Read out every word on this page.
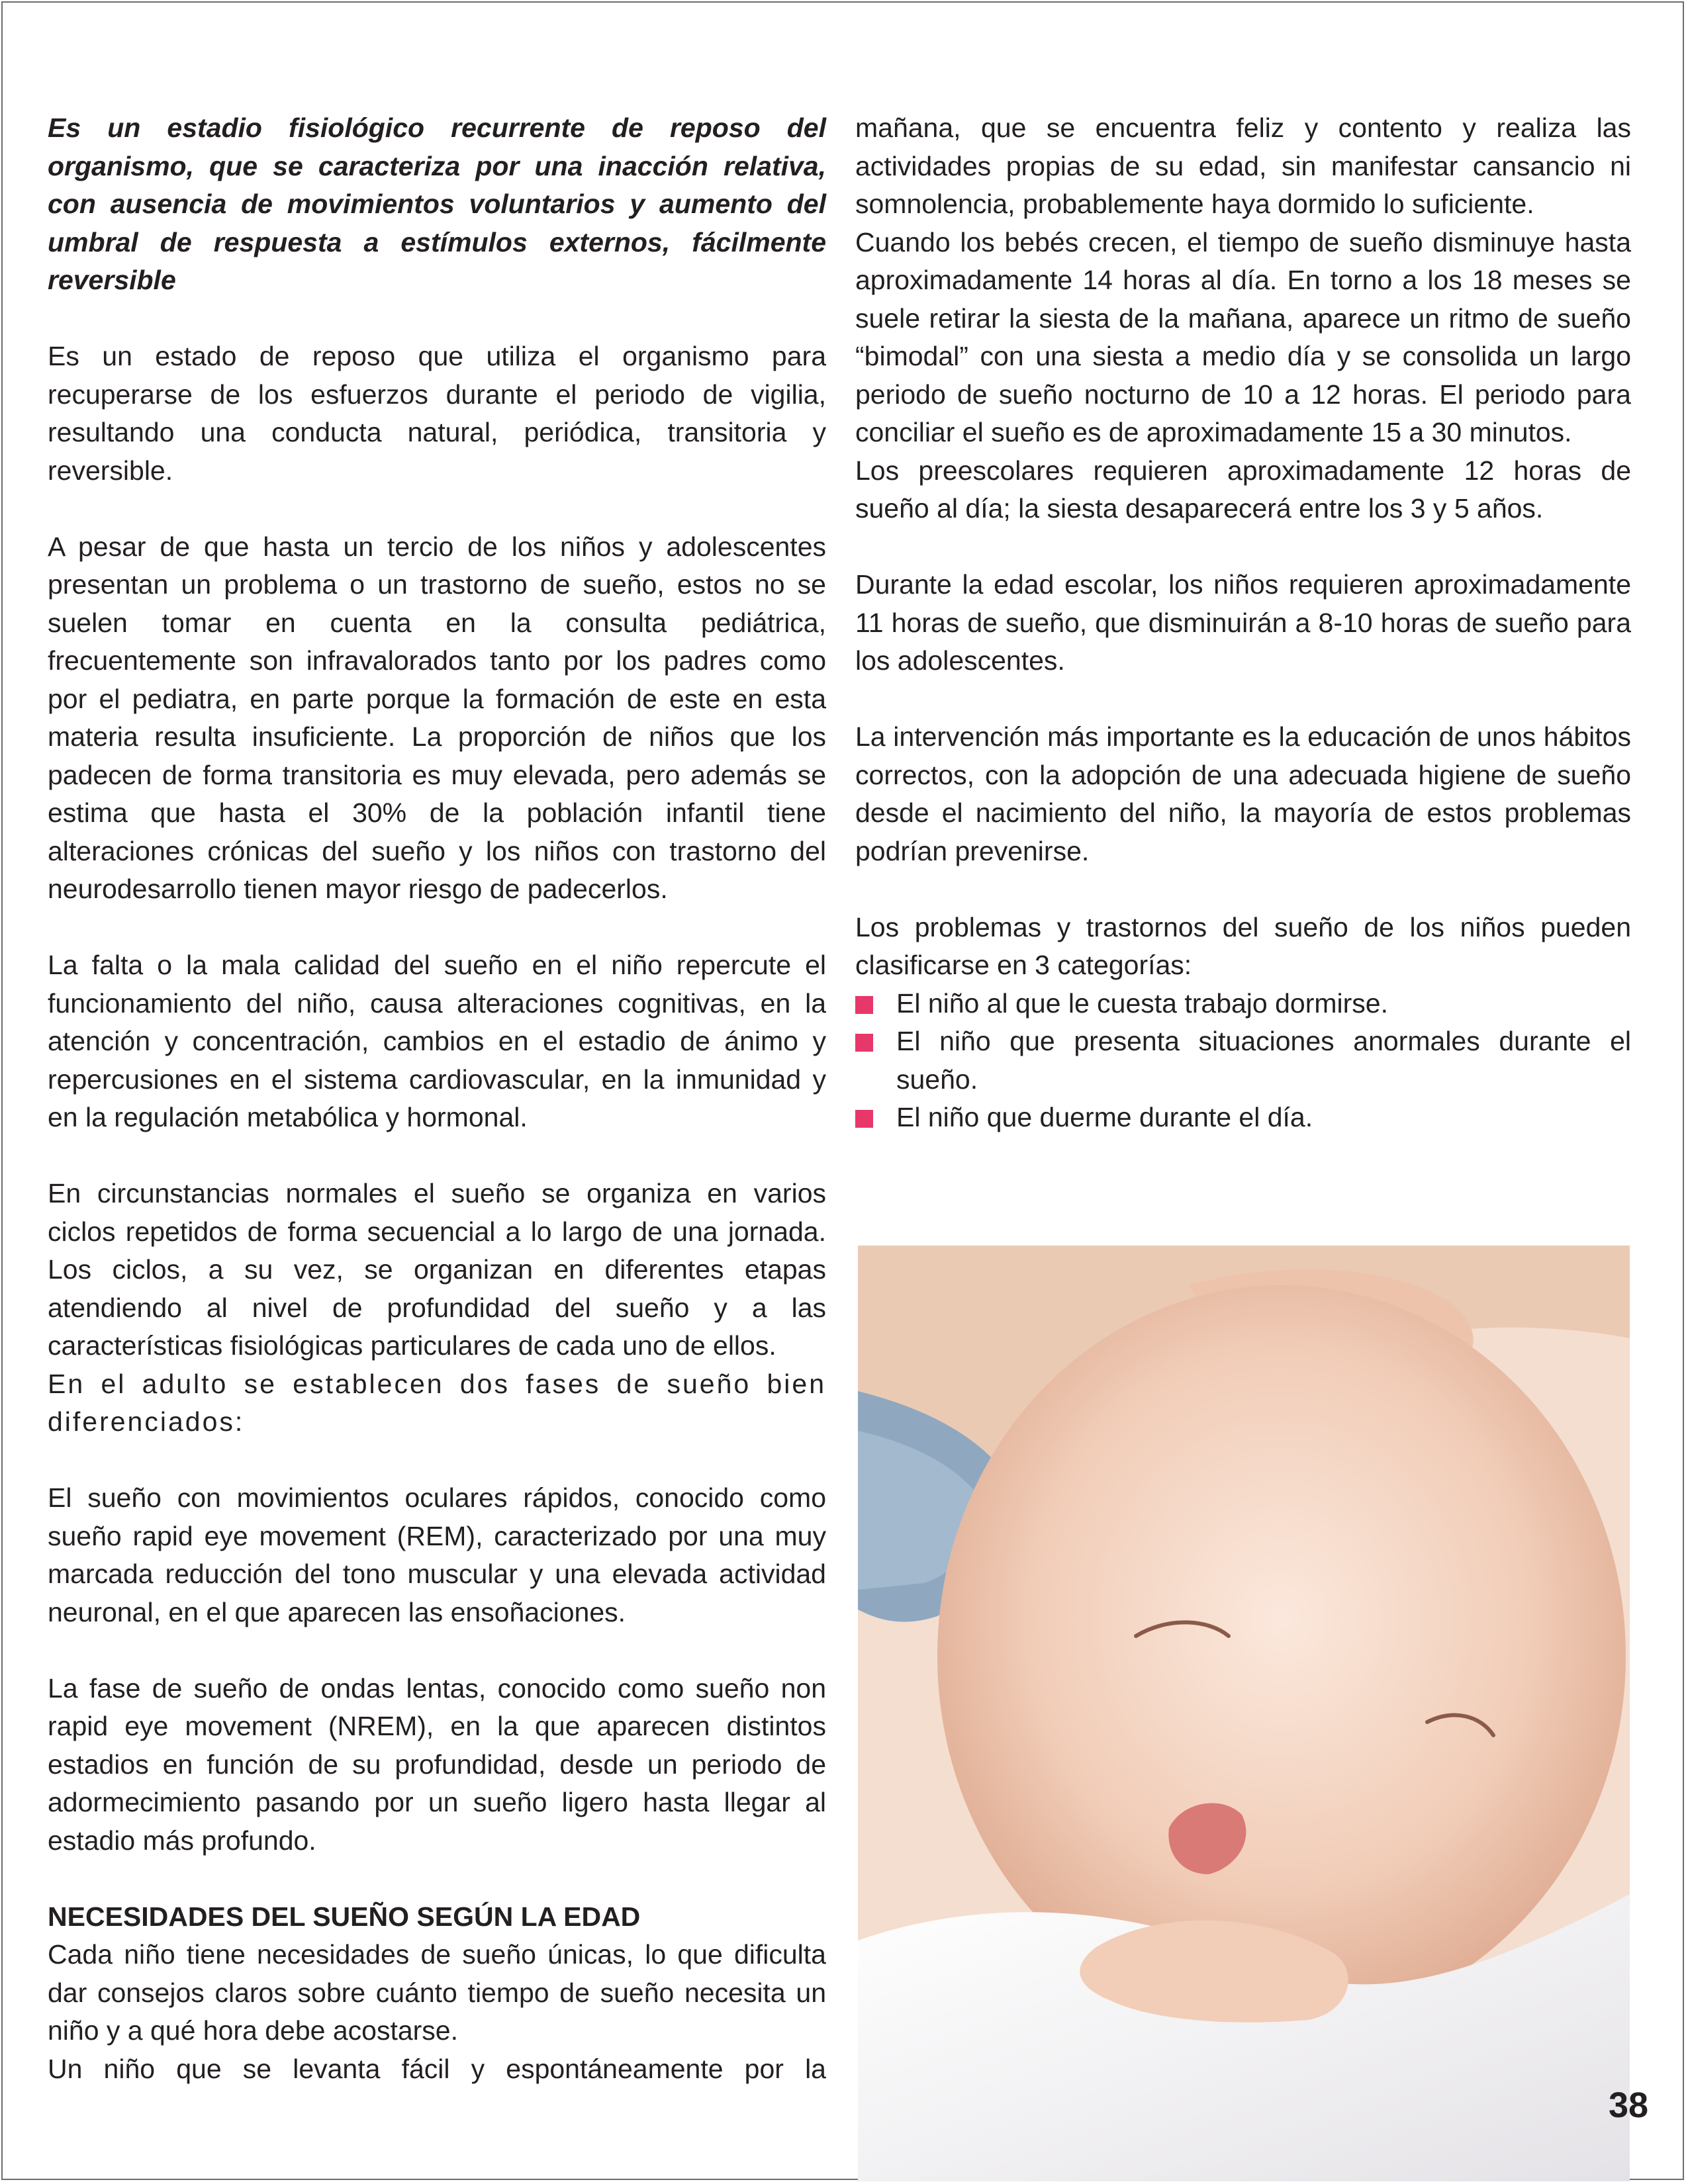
Es un estadio fisiológico recurrente de reposo del organismo, que se caracteriza por una inacción relativa, con ausencia de movimientos voluntarios y aumento del umbral de respuesta a estímulos externos, fácilmente reversible

Es un estado de reposo que utiliza el organismo para recuperarse de los esfuerzos durante el periodo de vigilia, resultando una conducta natural, periódica, transitoria y reversible.

A pesar de que hasta un tercio de los niños y adolescentes presentan un problema o un trastorno de sueño, estos no se suelen tomar en cuenta en la consulta pediátrica, frecuentemente son infravalorados tanto por los padres como por el pediatra, en parte porque la formación de este en esta materia resulta insuficiente. La proporción de niños que los padecen de forma transitoria es muy elevada, pero además se estima que hasta el 30% de la población infantil tiene alteraciones crónicas del sueño y los niños con trastorno del neurodesarrollo tienen mayor riesgo de padecerlos.

La falta o la mala calidad del sueño en el niño repercute el funcionamiento del niño, causa alteraciones cognitivas, en la atención y concentración, cambios en el estadio de ánimo y repercusiones en el sistema cardiovascular, en la inmunidad y en la regulación metabólica y hormonal.

En circunstancias normales el sueño se organiza en varios ciclos repetidos de forma secuencial a lo largo de una jornada. Los ciclos, a su vez, se organizan en diferentes etapas atendiendo al nivel de profundidad del sueño y a las características fisiológicas particulares de cada uno de ellos.

En el adulto se establecen dos fases de sueño bien diferenciados:

El sueño con movimientos oculares rápidos, conocido como sueño rapid eye movement (REM), caracterizado por una muy marcada reducción del tono muscular y una elevada actividad neuronal, en el que aparecen las ensoñaciones.

La fase de sueño de ondas lentas, conocido como sueño non rapid eye movement (NREM), en la que aparecen distintos estadios en función de su profundidad, desde un periodo de adormecimiento pasando por un sueño ligero hasta llegar al estadio más profundo.

NECESIDADES DEL SUEÑO SEGÚN LA EDAD

Cada niño tiene necesidades de sueño únicas, lo que dificulta dar consejos claros sobre cuánto tiempo de sueño necesita un niño y a qué hora debe acostarse.

Un niño que se levanta fácil y espontáneamente por la

mañana, que se encuentra feliz y contento y realiza las actividades propias de su edad, sin manifestar cansancio ni somnolencia, probablemente haya dormido lo suficiente.

Cuando los bebés crecen, el tiempo de sueño disminuye hasta aproximadamente 14 horas al día. En torno a los 18 meses se suele retirar la siesta de la mañana, aparece un ritmo de sueño “bimodal” con una siesta a medio día y se consolida un largo periodo de sueño nocturno de 10 a 12 horas. El periodo para conciliar el sueño es de aproximadamente 15 a 30 minutos.

Los preescolares requieren aproximadamente 12 horas de sueño al día; la siesta desaparecerá entre los 3 y 5 años.

Durante la edad escolar, los niños requieren aproximadamente 11 horas de sueño, que disminuirán a 8-10 horas de sueño para los adolescentes.

La intervención más importante es la educación de unos hábitos correctos, con la adopción de una adecuada higiene de sueño desde el nacimiento del niño, la mayoría de estos problemas podrían prevenirse.

Los problemas y trastornos del sueño de los niños pueden clasificarse en 3 categorías:

El niño al que le cuesta trabajo dormirse.
El niño que presenta situaciones anormales durante el sueño.
El niño que duerme durante el día.
38
